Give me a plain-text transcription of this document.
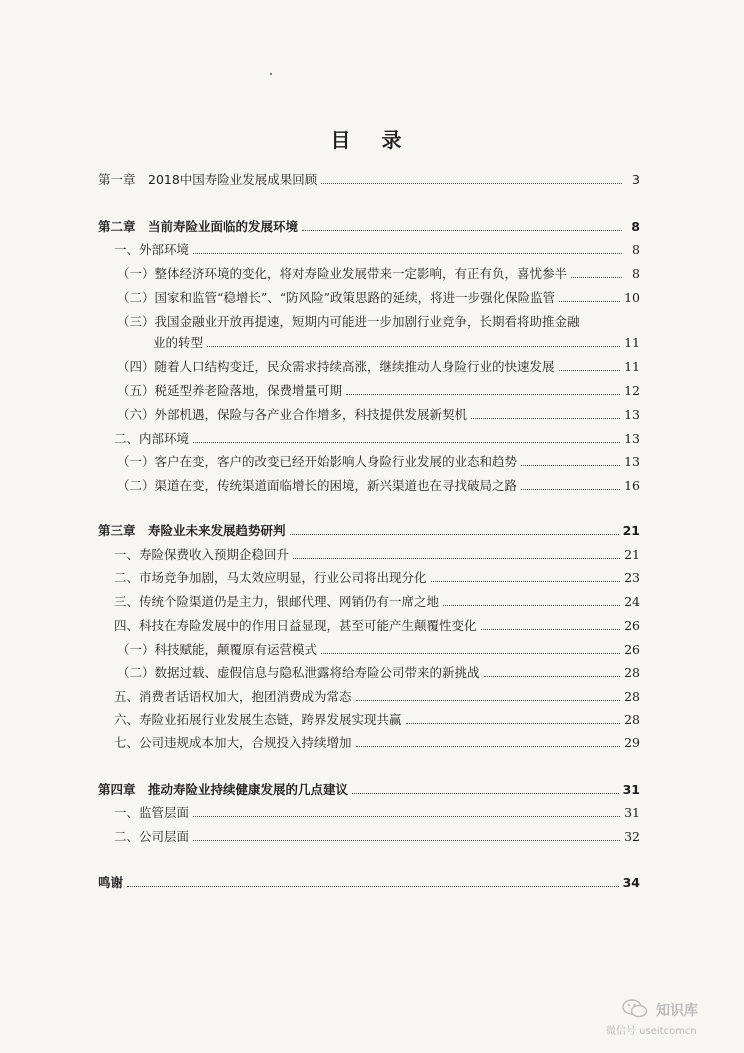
目 录
第一章　2018中国寿险业发展成果回顾	3
第二章　当前寿险业面临的发展环境	8
一、外部环境	8
（一）整体经济环境的变化，将对寿险业发展带来一定影响，有正有负，喜忧参半	8
（二）国家和监管“稳增长”、“防风险”政策思路的延续，将进一步强化保险监管	10
（三）我国金融业开放再提速，短期内可能进一步加剧行业竞争，长期看将助推金融
业的转型	11
（四）随着人口结构变迁，民众需求持续高涨，继续推动人身险行业的快速发展	11
（五）税延型养老险落地，保费增量可期	12
（六）外部机遇，保险与各产业合作增多，科技提供发展新契机	13
二、内部环境	13
（一）客户在变，客户的改变已经开始影响人身险行业发展的业态和趋势	13
（二）渠道在变，传统渠道面临增长的困境，新兴渠道也在寻找破局之路	16
第三章　寿险业未来发展趋势研判	21
一、寿险保费收入预期企稳回升	21
二、市场竞争加剧，马太效应明显，行业公司将出现分化	23
三、传统个险渠道仍是主力，银邮代理、网销仍有一席之地	24
四、科技在寿险发展中的作用日益显现，甚至可能产生颠覆性变化	26
（一）科技赋能，颠覆原有运营模式	26
（二）数据过载、虚假信息与隐私泄露将给寿险公司带来的新挑战	28
五、消费者话语权加大，抱团消费成为常态	28
六、寿险业拓展行业发展生态链，跨界发展实现共赢	28
七、公司违规成本加大，合规投入持续增加	29
第四章　推动寿险业持续健康发展的几点建议	31
一、监管层面	31
二、公司层面	32
鸣谢	34
知识库
微信号 useitcomcn
